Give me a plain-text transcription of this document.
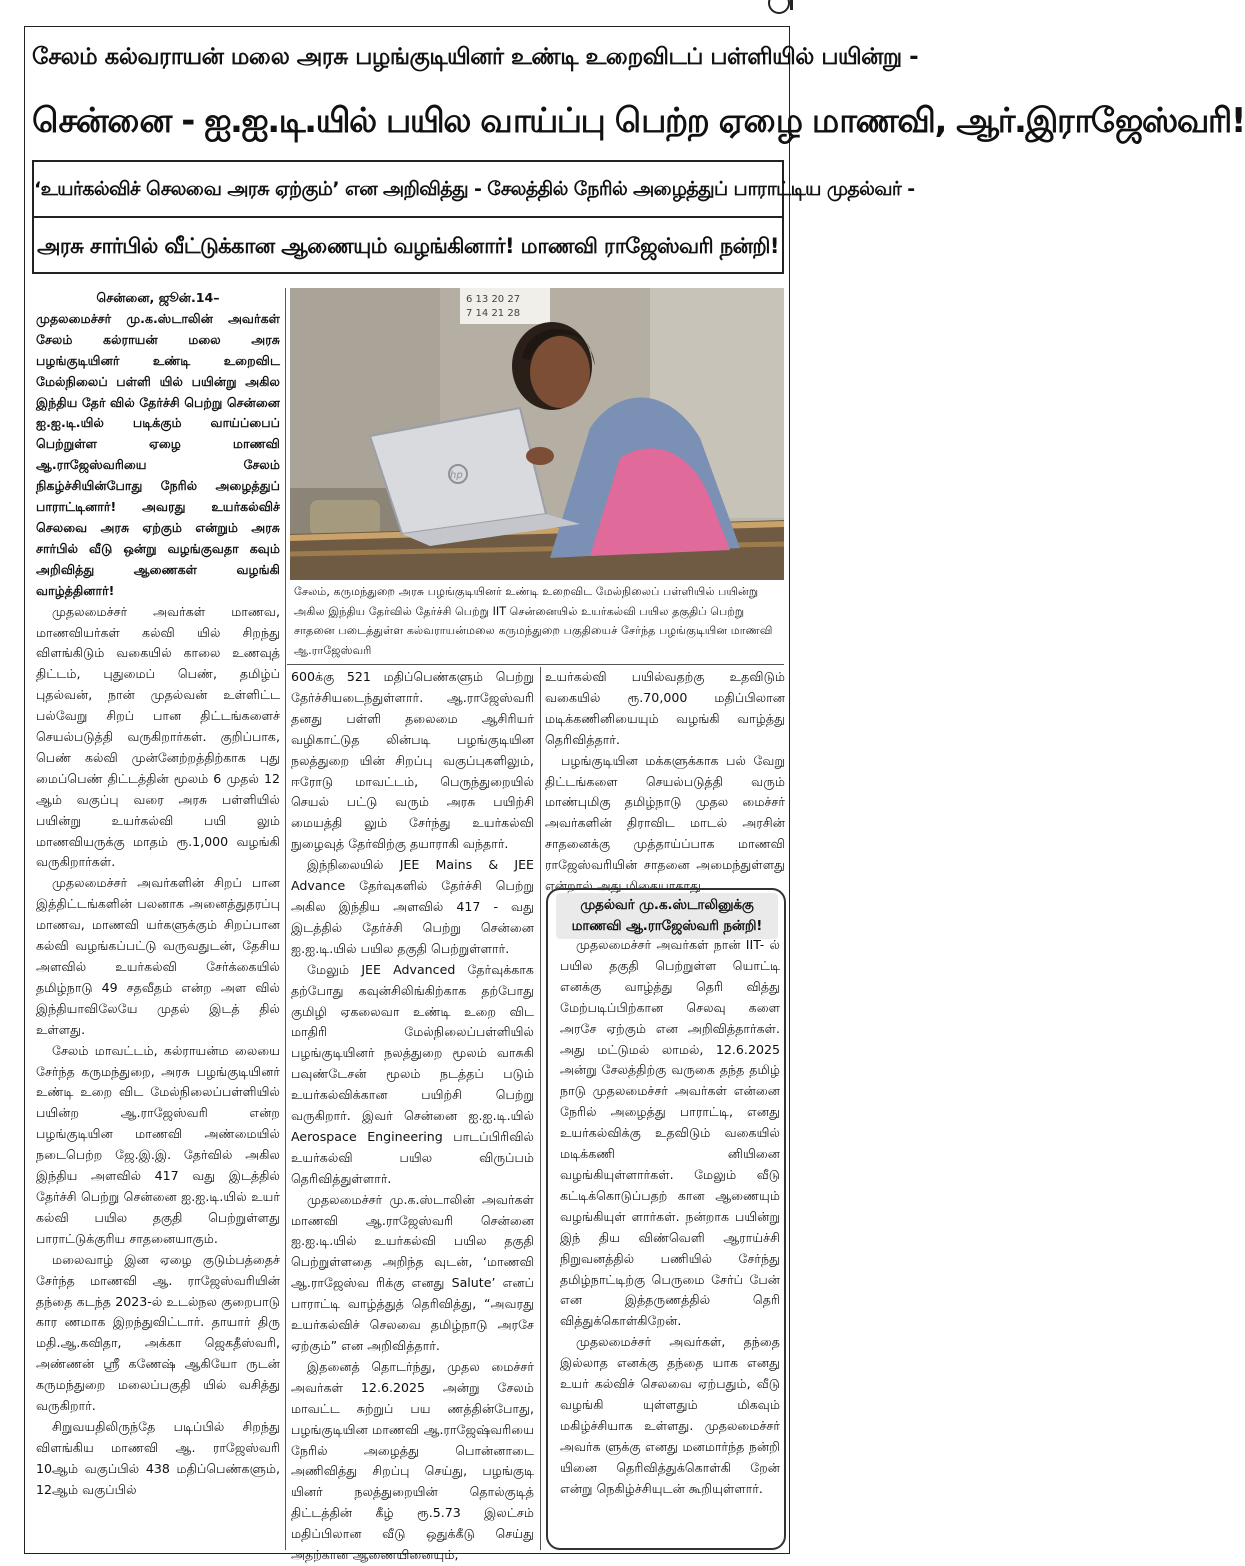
சேலம் கல்வராயன் மலை அரசு பழங்குடியினர் உண்டி உறைவிடப் பள்ளியில் பயின்று -
சென்னை - ஐ.ஐ.டி.யில் பயில வாய்ப்பு பெற்ற ஏழை மாணவி, ஆர்.இராஜேஸ்வரி!
‘உயர்கல்விச் செலவை அரசு ஏற்கும்’ என அறிவித்து - சேலத்தில் நேரில் அழைத்துப் பாராட்டிய முதல்வர் -
அரசு சார்பில் வீட்டுக்கான ஆணையும் வழங்கினார்! மாணவி ராஜேஸ்வரி நன்றி!

சென்னை, ஜூன்.14–

முதலமைச்சர் மு.க.ஸ்டாலின் அவர்கள் சேலம் கல்ராயன் மலை அரசு பழங்குடியினர் உண்டி உறைவிட மேல்நிலைப் பள்ளி யில் பயின்று அகில இந்திய தேர் வில் தேர்ச்சி பெற்று சென்னை ஐ.ஐ.டி.யில் படிக்கும் வாய்ப்பைப் பெற்றுள்ள ஏழை மாணவி ஆ.ராஜேஸ்வரியை சேலம் நிகழ்ச்சியின்போது நேரில் அழைத்துப் பாராட்டினார்! அவரது உயர்கல்விச் செலவை அரசு ஏற்கும் என்றும் அரசு சார்பில் வீடு ஒன்று வழங்குவதா கவும் அறிவித்து ஆணைகள் வழங்கி வாழ்த்தினார்!

முதலமைச்சர் அவர்கள் மாணவ, மாணவியர்கள் கல்வி யில் சிறந்து விளங்கிடும் வகையில் காலை உணவுத் திட்டம், புதுமைப் பெண், தமிழ்ப் புதல்வன், நான் முதல்வன் உள்ளிட்ட பல்வேறு சிறப் பான திட்டங்களைச் செயல்படுத்தி வருகிறார்கள். குறிப்பாக, பெண் கல்வி முன்னேற்றத்திற்காக புது மைப்பெண் திட்டத்தின் மூலம் 6 முதல் 12 ஆம் வகுப்பு வரை அரசு பள்ளியில் பயின்று உயர்கல்வி பயி லும் மாணவியருக்கு மாதம் ரூ.1,000 வழங்கி வருகிறார்கள்.

முதலமைச்சர் அவர்களின் சிறப் பான இத்திட்டங்களின் பலனாக அனைத்துதரப்பு மாணவ, மாணவி யர்களுக்கும் சிறப்பான கல்வி வழங்கப்பட்டு வருவதுடன், தேசிய அளவில் உயர்கல்வி சேர்க்கையில் தமிழ்நாடு 49 சதவீதம் என்ற அள வில் இந்தியாவிலேயே முதல் இடத் தில் உள்ளது.

சேலம் மாவட்டம், கல்ராயன்ம லையை சேர்ந்த கருமந்துறை, அரசு பழங்குடியினர் உண்டி உறை விட மேல்நிலைப்பள்ளியில் பயின்ற ஆ.ராஜேஸ்வரி என்ற பழங்குடியின மாணவி அண்மையில் நடைபெற்ற ஜே.இ.இ. தேர்வில் அகில இந்திய அளவில் 417 வது இடத்தில் தேர்ச்சி பெற்று சென்னை ஐ.ஐ.டி.யில் உயர் கல்வி பயில தகுதி பெற்றுள்ளது பாராட்டுக்குரிய சாதனையாகும்.

மலைவாழ் இன ஏழை குடும்பத்தைச் சேர்ந்த மாணவி ஆ. ராஜேஸ்வரியின் தந்தை கடந்த 2023-ல் உடல்நல குறைபாடு கார ணமாக இறந்துவிட்டார். தாயார் திரு மதி.ஆ.கவிதா, அக்கா ஜெகதீஸ்வரி, அண்ணன் ஸ்ரீ கணேஷ் ஆகியோ ருடன் கருமந்துறை மலைப்பகுதி யில் வசித்து வருகிறார்.

சிறுவயதிலிருந்தே படிப்பில் சிறந்து விளங்கிய மாணவி ஆ. ராஜேஸ்வரி 10ஆம் வகுப்பில் 438 மதிப்பெண்களும், 12ஆம் வகுப்பில்

6 13 20 27
7 14 21 28
hp
சேலம், கருமந்துறை அரசு பழங்குடியினர் உண்டி உறைவிட மேல்நிலைப் பள்ளியில் பயின்று அகில இந்திய தேர்வில் தேர்ச்சி பெற்று IIT சென்னையில் உயர்கல்வி பயில தகுதிப் பெற்று சாதனை படைத்துள்ள கல்வராயன்மலை கருமந்துறை பகுதியைச் சேர்ந்த பழங்குடியின மாணவி ஆ.ராஜேஸ்வரி

600க்கு 521 மதிப்பெண்களும் பெற்று தேர்ச்சியடைந்துள்ளார். ஆ.ராஜேஸ்வரி தனது பள்ளி தலைமை ஆசிரியர் வழிகாட்டுத லின்படி பழங்குடியின நலத்துறை யின் சிறப்பு வகுப்புகளிலும், ஈரோடு மாவட்டம், பெருந்துறையில் செயல் பட்டு வரும் அரசு பயிற்சி மையத்தி லும் சேர்ந்து உயர்கல்வி நுழைவுத் தேர்விற்கு தயாராகி வந்தார்.

இந்நிலையில் JEE Mains & JEE Advance தேர்வுகளில் தேர்ச்சி பெற்று அகில இந்திய அளவில் 417 - வது இடத்தில் தேர்ச்சி பெற்று சென்னை ஐ.ஐ.டி.யில் பயில தகுதி பெற்றுள்ளார்.

மேலும் JEE Advanced தேர்வுக்காக தற்போது கவுன்சிலிங்கிற்காக தற்போது குமிழி ஏகலைவா உண்டி உறை விட மாதிரி மேல்நிலைப்பள்ளியில் பழங்குடியினர் நலத்துறை மூலம் வாசுகி பவுண்டேசன் மூலம் நடத்தப் படும் உயர்கல்விக்கான பயிற்சி பெற்று வருகிறார். இவர் சென்னை ஐ.ஐ.டி.யில் Aerospace Engineering பாடப்பிரிவில் உயர்கல்வி பயில விருப்பம் தெரிவித்துள்ளார்.

முதலமைச்சர் மு.க.ஸ்டாலின் அவர்கள் மாணவி ஆ.ராஜேஸ்வரி சென்னை ஐ.ஐ.டி.யில் உயர்கல்வி பயில தகுதி பெற்றுள்ளதை அறிந்த வுடன், ‘மாணவி ஆ.ராஜேஸ்வ ரிக்கு எனது Salute’ எனப் பாராட்டி வாழ்த்துத் தெரிவித்து, “அவரது உயர்கல்விச் செலவை தமிழ்நாடு அரசே ஏற்கும்” என அறிவித்தார்.

இதனைத் தொடர்ந்து, முதல மைச்சர் அவர்கள் 12.6.2025 அன்று சேலம் மாவட்ட சுற்றுப் பய ணத்தின்போது, பழங்குடியின மாணவி ஆ.ராஜேஷ்வரியை நேரில் அழைத்து பொன்னாடை அணிவித்து சிறப்பு செய்து, பழங்குடி யினர் நலத்துறையின் தொல்குடித் திட்டத்தின் கீழ் ரூ.5.73 இலட்சம் மதிப்பிலான வீடு ஒதுக்கீடு செய்து அதற்கான ஆணையினையும்,

உயர்கல்வி பயில்வதற்கு உதவிடும் வகையில் ரூ.70,000 மதிப்பிலான மடிக்கணினியையும் வழங்கி வாழ்த்து தெரிவித்தார்.

பழங்குடியின மக்களுக்காக பல் வேறு திட்டங்களை செயல்படுத்தி வரும் மாண்புமிகு தமிழ்நாடு முதல மைச்சர் அவர்களின் திராவிட மாடல் அரசின் சாதனைக்கு முத்தாய்ப்பாக மாணவி ராஜேஸ்வரியின் சாதனை அமைந்துள்ளது என்றால் அது மிகையாகாது.

முதல்வர் மு.க.ஸ்டாலினுக்கு மாணவி ஆ.ராஜேஸ்வரி நன்றி!

முதலமைச்சர் அவர்கள் நான் IIT- ல் பயில தகுதி பெற்றுள்ள யொட்டி எனக்கு வாழ்த்து தெரி வித்து மேற்படிப்பிற்கான செலவு களை அரசே ஏற்கும் என அறிவித்தார்கள். அது மட்டுமல் லாமல், 12.6.2025 அன்று சேலத்திற்கு வருகை தந்த தமிழ் நாடு முதலமைச்சர் அவர்கள் என்னை நேரில் அழைத்து பாராட்டி, எனது உயர்கல்விக்கு உதவிடும் வகையில் மடிக்கணி னியினை வழங்கியுள்ளார்கள். மேலும் வீடு கட்டிக்கொடுப்பதற் கான ஆணையும் வழங்கியுள் ளார்கள். நன்றாக பயின்று இந் திய விண்வெளி ஆராய்ச்சி நிறுவனத்தில் பணியில் சேர்ந்து தமிழ்நாட்டிற்கு பெருமை சேர்ப் பேன் என இத்தருணத்தில் தெரி வித்துக்கொள்கிறேன்.

முதலமைச்சர் அவர்கள், தந்தை இல்லாத எனக்கு தந்தை யாக எனது உயர் கல்விச் செலவை ஏற்பதும், வீடு வழங்கி யுள்ளதும் மிகவும் மகிழ்ச்சியாக உள்ளது. முதலமைச்சர் அவர்க ளுக்கு எனது மனமார்ந்த நன்றி யினை தெரிவித்துக்கொள்கி றேன் என்று நெகிழ்ச்சியுடன் கூறியுள்ளார்.
